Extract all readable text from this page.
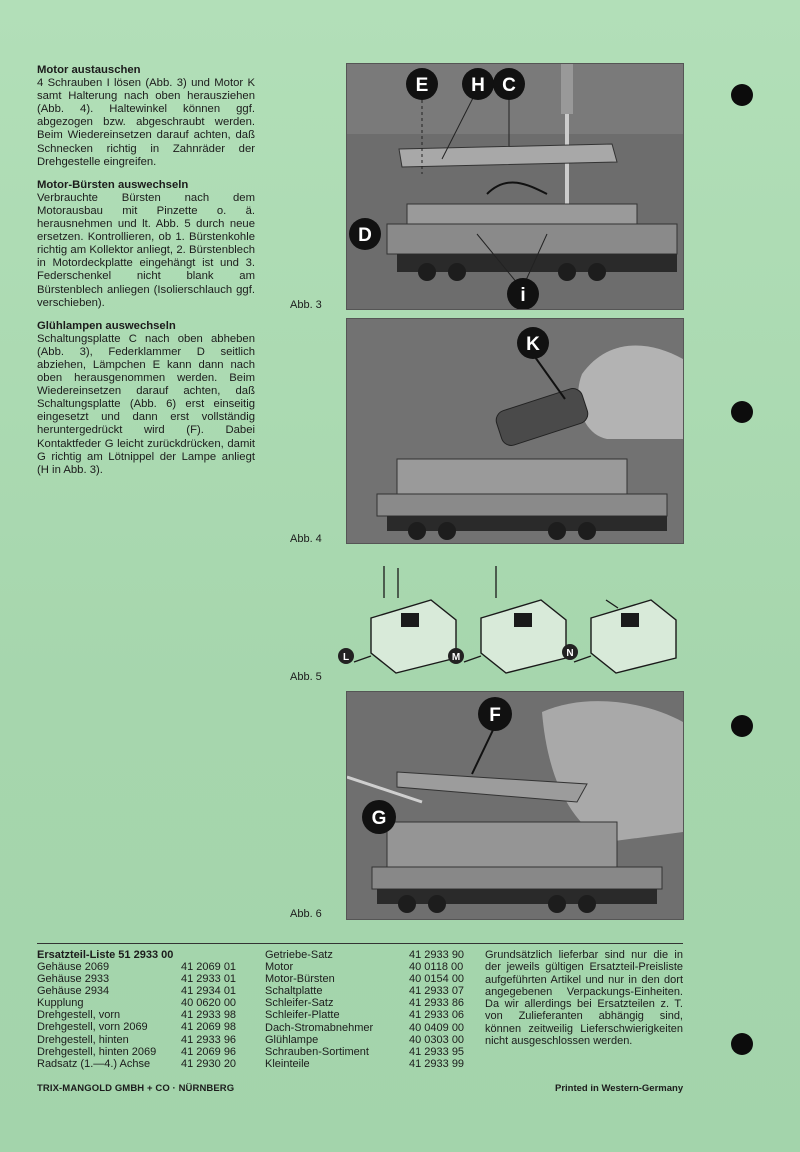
Motor austauschen

4 Schrauben I lösen (Abb. 3) und Motor K samt Halterung nach oben herausziehen (Abb. 4). Haltewinkel können ggf. abgezogen bzw. abgeschraubt werden. Beim Wiedereinsetzen darauf achten, daß Schnecken richtig in Zahnräder der Drehgestelle eingreifen.

Motor-Bürsten auswechseln

Verbrauchte Bürsten nach dem Motorausbau mit Pinzette o. ä. herausnehmen und lt. Abb. 5 durch neue ersetzen. Kontrollieren, ob 1. Bürstenkohle richtig am Kollektor anliegt, 2. Bürstenblech in Motordeckplatte eingehängt ist und 3. Federschenkel nicht blank am Bürstenblech anliegen (Isolierschlauch ggf. verschieben).

Glühlampen auswechseln

Schaltungsplatte C nach oben abheben (Abb. 3), Federklammer D seitlich abziehen, Lämpchen E kann dann nach oben herausgenommen werden. Beim Wiedereinsetzen darauf achten, daß Schaltungsplatte (Abb. 6) erst einseitig eingesetzt und dann erst vollständig heruntergedrückt wird (F). Dabei Kontaktfeder G leicht zurückdrücken, damit G richtig am Lötnippel der Lampe anliegt (H in Abb. 3).

E H C
D
i
Abb. 3
K
Abb. 4
L	M	N
Abb. 5
F
G
Abb. 6
Ersatzteil-Liste 51 2933 00
Gehäuse 2069	41 2069 01
Gehäuse 2933	41 2933 01
Gehäuse 2934	41 2934 01
Kupplung	40 0620 00
Drehgestell, vorn	41 2933 98
Drehgestell, vorn 2069	41 2069 98
Drehgestell, hinten	41 2933 96
Drehgestell, hinten 2069	41 2069 96
Radsatz (1.—4.) Achse	41 2930 20
Getriebe-Satz	41 2933 90
Motor	40 0118 00
Motor-Bürsten	40 0154 00
Schaltplatte	41 2933 07
Schleifer-Satz	41 2933 86
Schleifer-Platte	41 2933 06
Dach-Stromabnehmer	40 0409 00
Glühlampe	40 0303 00
Schrauben-Sortiment	41 2933 95
Kleinteile	41 2933 99
Grundsätzlich lieferbar sind nur die in der jeweils gültigen Ersatzteil-Preisliste aufgeführten Artikel und nur in den dort angegebenen Verpackungs-Einheiten. Da wir allerdings bei Ersatzteilen z. T. von Zulieferanten abhängig sind, können zeitweilig Lieferschwierigkeiten nicht ausgeschlossen werden.
TRIX-MANGOLD GMBH + CO · NÜRNBERG	Printed in Western-Germany
